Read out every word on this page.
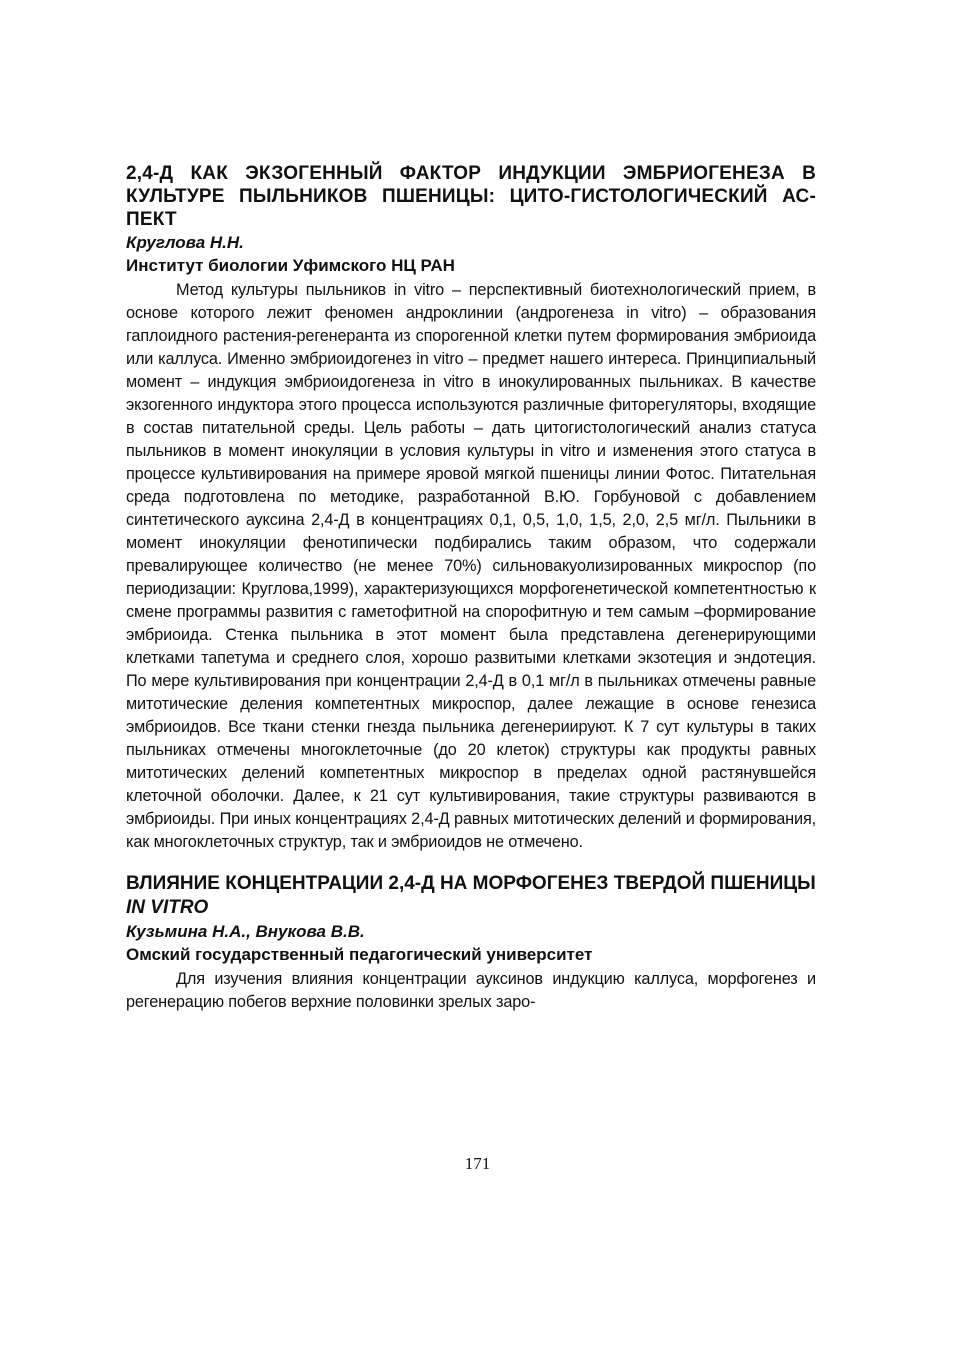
2,4-Д КАК ЭКЗОГЕННЫЙ ФАКТОР ИНДУКЦИИ ЭМБРИОГЕНЕЗА В КУЛЬТУРЕ ПЫЛЬНИКОВ ПШЕНИЦЫ: ЦИТО-ГИСТОЛОГИЧЕСКИЙ АС-ПЕКТ

Круглова Н.Н.

Институт биологии Уфимского НЦ РАН

Метод культуры пыльников in vitro – перспективный биотехнологический прием, в основе которого лежит феномен андроклинии (андрогенеза in vitro) – образования гаплоидного растения-регенеранта из спорогенной клетки путем формирования эмбриоида или каллуса. Именно эмбриоидогенез in vitro – предмет нашего интереса. Принципиальный момент – индукция эмбриоидогенеза in vitro в инокулированных пыльниках. В качестве экзогенного индуктора этого процесса используются различные фиторегуляторы, входящие в состав питательной среды. Цель работы – дать цитогистологический анализ статуса пыльников в момент инокуляции в условия культуры in vitro и изменения этого статуса в процессе культивирования на примере яровой мягкой пшеницы линии Фотос. Питательная среда подготовлена по методике, разработанной В.Ю. Горбуновой с добавлением синтетического ауксина 2,4-Д в концентрациях 0,1, 0,5, 1,0, 1,5, 2,0, 2,5 мг/л. Пыльники в момент инокуляции фенотипически подбирались таким образом, что содержали превалирующее количество (не менее 70%) сильновакуолизированных микроспор (по периодизации: Круглова,1999), характеризующихся морфогенетической компетентностью к смене программы развития с гаметофитной на спорофитную и тем самым –формирование эмбриоида. Стенка пыльника в этот момент была представлена дегенерирующими клетками тапетума и среднего слоя, хорошо развитыми клетками экзотеция и эндотеция. По мере культивирования при концентрации 2,4-Д в 0,1 мг/л в пыльниках отмечены равные митотические деления компетентных микроспор, далее лежащие в основе генезиса эмбриоидов. Все ткани стенки гнезда пыльника дегенериируют. К 7 сут культуры в таких пыльниках отмечены многоклеточные (до 20 клеток) структуры как продукты равных митотических делений компетентных микроспор в пределах одной растянувшейся клеточной оболочки. Далее, к 21 сут культивирования, такие структуры развиваются в эмбриоиды. При иных концентрациях 2,4-Д равных митотических делений и формирования, как многоклеточных структур, так и эмбриоидов не отмечено.

ВЛИЯНИЕ КОНЦЕНТРАЦИИ 2,4-Д НА МОРФОГЕНЕЗ ТВЕРДОЙ ПШЕНИЦЫ IN VITRO

Кузьмина Н.А., Внукова В.В.

Омский государственный педагогический университет

Для изучения влияния концентрации ауксинов индукцию каллуса, морфогенез и регенерацию побегов верхние половинки зрелых заро-

171
